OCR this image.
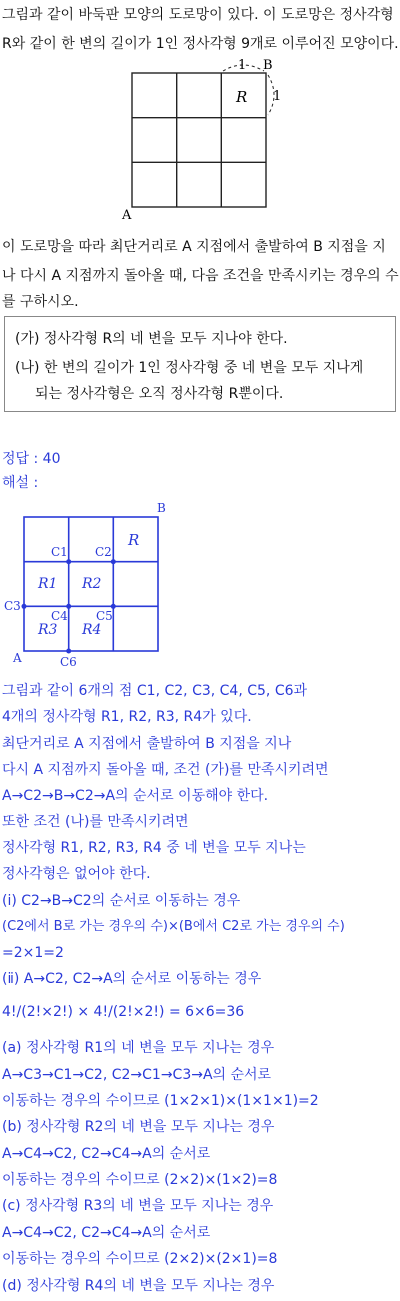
그림과 같이 바둑판 모양의 도로망이 있다. 이 도로망은 정사각형
R와 같이 한 변의 길이가 1인 정사각형 9개로 이루어진 모양이다.
1
1
B
R
A
이 도로망을 따라 최단거리로 A 지점에서 출발하여 B 지점을 지
나 다시 A 지점까지 돌아올 때, 다음 조건을 만족시키는 경우의 수
를 구하시오.
(가) 정사각형 R의 네 변을 모두 지나야 한다.
(나) 한 변의 길이가 1인 정사각형 중 네 변을 모두 지나게
되는 정사각형은 오직 정사각형 R뿐이다.
정답 : 40
해설 :
B
A
R
C1 C2
C3
C4 C5
C6
R1 R2
R3 R4
그림과 같이 6개의 점 C1, C2, C3, C4, C5, C6과
4개의 정사각형 R1, R2, R3, R4가 있다.
최단거리로 A 지점에서 출발하여 B 지점을 지나
다시 A 지점까지 돌아올 때, 조건 (가)를 만족시키려면
A→C2→B→C2→A의 순서로 이동해야 한다.
또한 조건 (나)를 만족시키려면
정사각형 R1, R2, R3, R4 중 네 변을 모두 지나는
정사각형은 없어야 한다.
(ⅰ) C2→B→C2의 순서로 이동하는 경우
(C2에서 B로 가는 경우의 수)×(B에서 C2로 가는 경우의 수)
=2×1=2
(ⅱ) A→C2, C2→A의 순서로 이동하는 경우
4!/(2!×2!) × 4!/(2!×2!) = 6×6=36
(a) 정사각형 R1의 네 변을 모두 지나는 경우
A→C3→C1→C2, C2→C1→C3→A의 순서로
이동하는 경우의 수이므로 (1×2×1)×(1×1×1)=2
(b) 정사각형 R2의 네 변을 모두 지나는 경우
A→C4→C2, C2→C4→A의 순서로
이동하는 경우의 수이므로 (2×2)×(1×2)=8
(c) 정사각형 R3의 네 변을 모두 지나는 경우
A→C4→C2, C2→C4→A의 순서로
이동하는 경우의 수이므로 (2×2)×(2×1)=8
(d) 정사각형 R4의 네 변을 모두 지나는 경우
